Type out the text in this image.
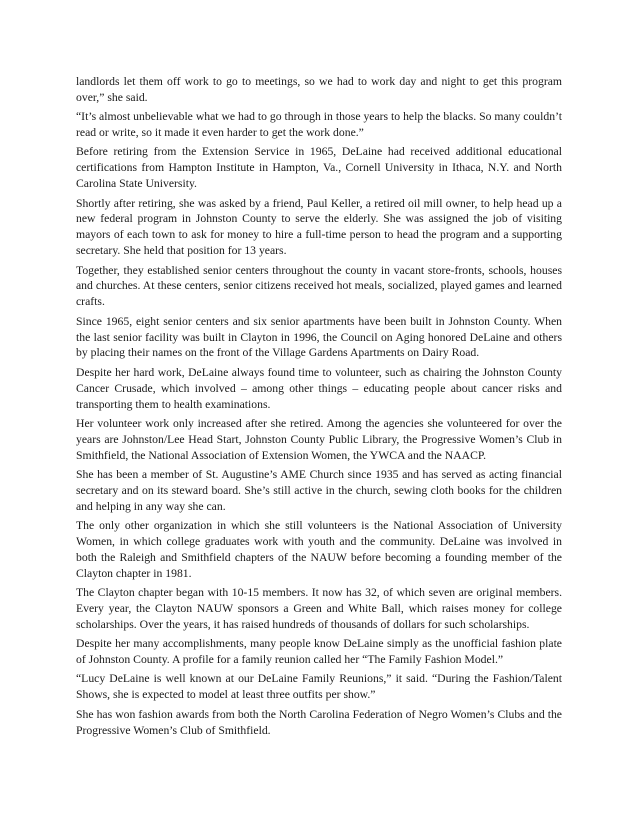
landlords let them off work to go to meetings, so we had to work day and night to get this program over,” she said.

“It’s almost unbelievable what we had to go through in those years to help the blacks. So many couldn’t read or write, so it made it even harder to get the work done.”

Before retiring from the Extension Service in 1965, DeLaine had received additional educational certifications from Hampton Institute in Hampton, Va., Cornell University in Ithaca, N.Y. and North Carolina State University.

Shortly after retiring, she was asked by a friend, Paul Keller, a retired oil mill owner, to help head up a new federal program in Johnston County to serve the elderly. She was assigned the job of visiting mayors of each town to ask for money to hire a full-time person to head the program and a supporting secretary. She held that position for 13 years.

Together, they established senior centers throughout the county in vacant store-fronts, schools, houses and churches. At these centers, senior citizens received hot meals, socialized, played games and learned crafts.

Since 1965, eight senior centers and six senior apartments have been built in Johnston County. When the last senior facility was built in Clayton in 1996, the Council on Aging honored DeLaine and others by placing their names on the front of the Village Gardens Apartments on Dairy Road.

Despite her hard work, DeLaine always found time to volunteer, such as chairing the Johnston County Cancer Crusade, which involved – among other things – educating people about cancer risks and transporting them to health examinations.

Her volunteer work only increased after she retired. Among the agencies she volunteered for over the years are Johnston/Lee Head Start, Johnston County Public Library, the Progressive Women’s Club in Smithfield, the National Association of Extension Women, the YWCA and the NAACP.

She has been a member of St. Augustine’s AME Church since 1935 and has served as acting financial secretary and on its steward board. She’s still active in the church, sewing cloth books for the children and helping in any way she can.

The only other organization in which she still volunteers is the National Association of University Women, in which college graduates work with youth and the community. DeLaine was involved in both the Raleigh and Smithfield chapters of the NAUW before becoming a founding member of the Clayton chapter in 1981.

The Clayton chapter began with 10-15 members. It now has 32, of which seven are original members. Every year, the Clayton NAUW sponsors a Green and White Ball, which raises money for college scholarships. Over the years, it has raised hundreds of thousands of dollars for such scholarships.

Despite her many accomplishments, many people know DeLaine simply as the unofficial fashion plate of Johnston County. A profile for a family reunion called her “The Family Fashion Model.”

“Lucy DeLaine is well known at our DeLaine Family Reunions,” it said. “During the Fashion/Talent Shows, she is expected to model at least three outfits per show.”

She has won fashion awards from both the North Carolina Federation of Negro Women’s Clubs and the Progressive Women’s Club of Smithfield.
